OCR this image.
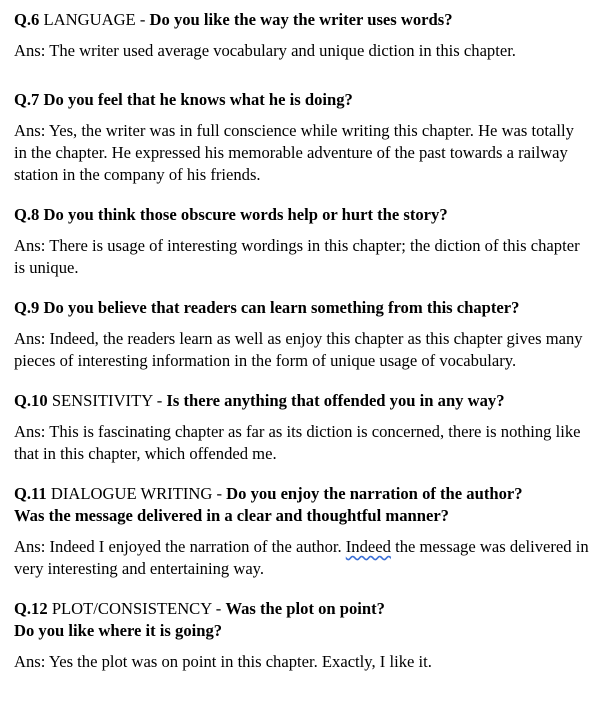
Q.6 LANGUAGE - Do you like the way the writer uses words?

Ans: The writer used average vocabulary and unique diction in this chapter.

Q.7 Do you feel that he knows what he is doing?

Ans: Yes, the writer was in full conscience while writing this chapter. He was totally in the chapter. He expressed his memorable adventure of the past towards a railway station in the company of his friends.

Q.8 Do you think those obscure words help or hurt the story?

Ans: There is usage of interesting wordings in this chapter; the diction of this chapter is unique.

Q.9 Do you believe that readers can learn something from this chapter?

Ans: Indeed, the readers learn as well as enjoy this chapter as this chapter gives many pieces of interesting information in the form of unique usage of vocabulary.

Q.10 SENSITIVITY - Is there anything that offended you in any way?

Ans: This is fascinating chapter as far as its diction is concerned, there is nothing like that in this chapter, which offended me.

Q.11 DIALOGUE WRITING - Do you enjoy the narration of the author?

Was the message delivered in a clear and thoughtful manner?

Ans: Indeed I enjoyed the narration of the author. Indeed the message was delivered in very interesting and entertaining way.

Q.12 PLOT/CONSISTENCY - Was the plot on point?

Do you like where it is going?

Ans: Yes the plot was on point in this chapter. Exactly, I like it.
